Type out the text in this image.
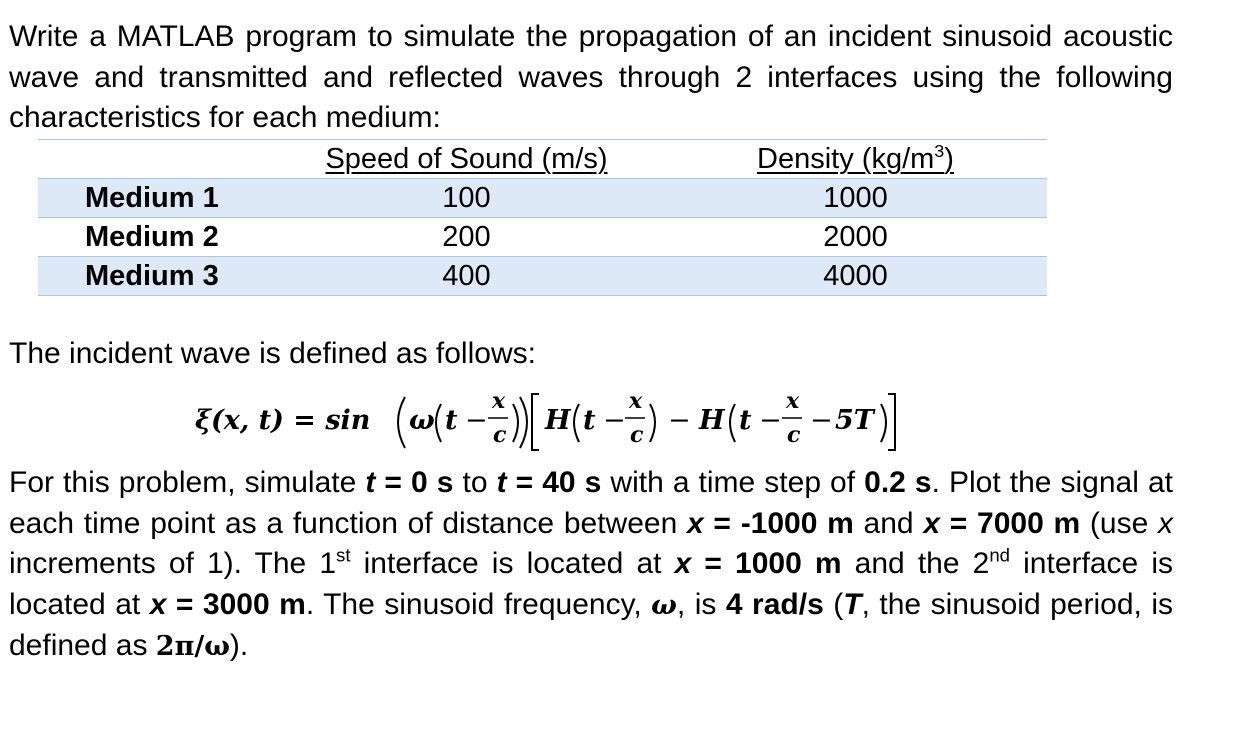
Write a MATLAB program to simulate the propagation of an incident sinusoid acoustic wave and transmitted and reflected waves through 2 interfaces using the following characteristics for each medium:

	Speed of Sound (m/s)	Density $(kg/m^3)$
Medium 1	100	1000
Medium 2	200	2000
Medium 3	400	4000

The incident wave is defined as follows:

ξ(x, t) = sin ω t −
x
c H t −
x
c − H t −
x
c − 5T

For this problem, simulate t = 0 s to t = 40 s with a time step of 0.2 s. Plot the signal at each time point as a function of distance between x = -1000 m and x = 7000 m (use x increments of 1). The 1st interface is located at x = 1000 m and the 2nd interface is located at x = 3000 m. The sinusoid frequency, ω, is 4 rad/s (T, the sinusoid period, is defined as 2π/ω).
